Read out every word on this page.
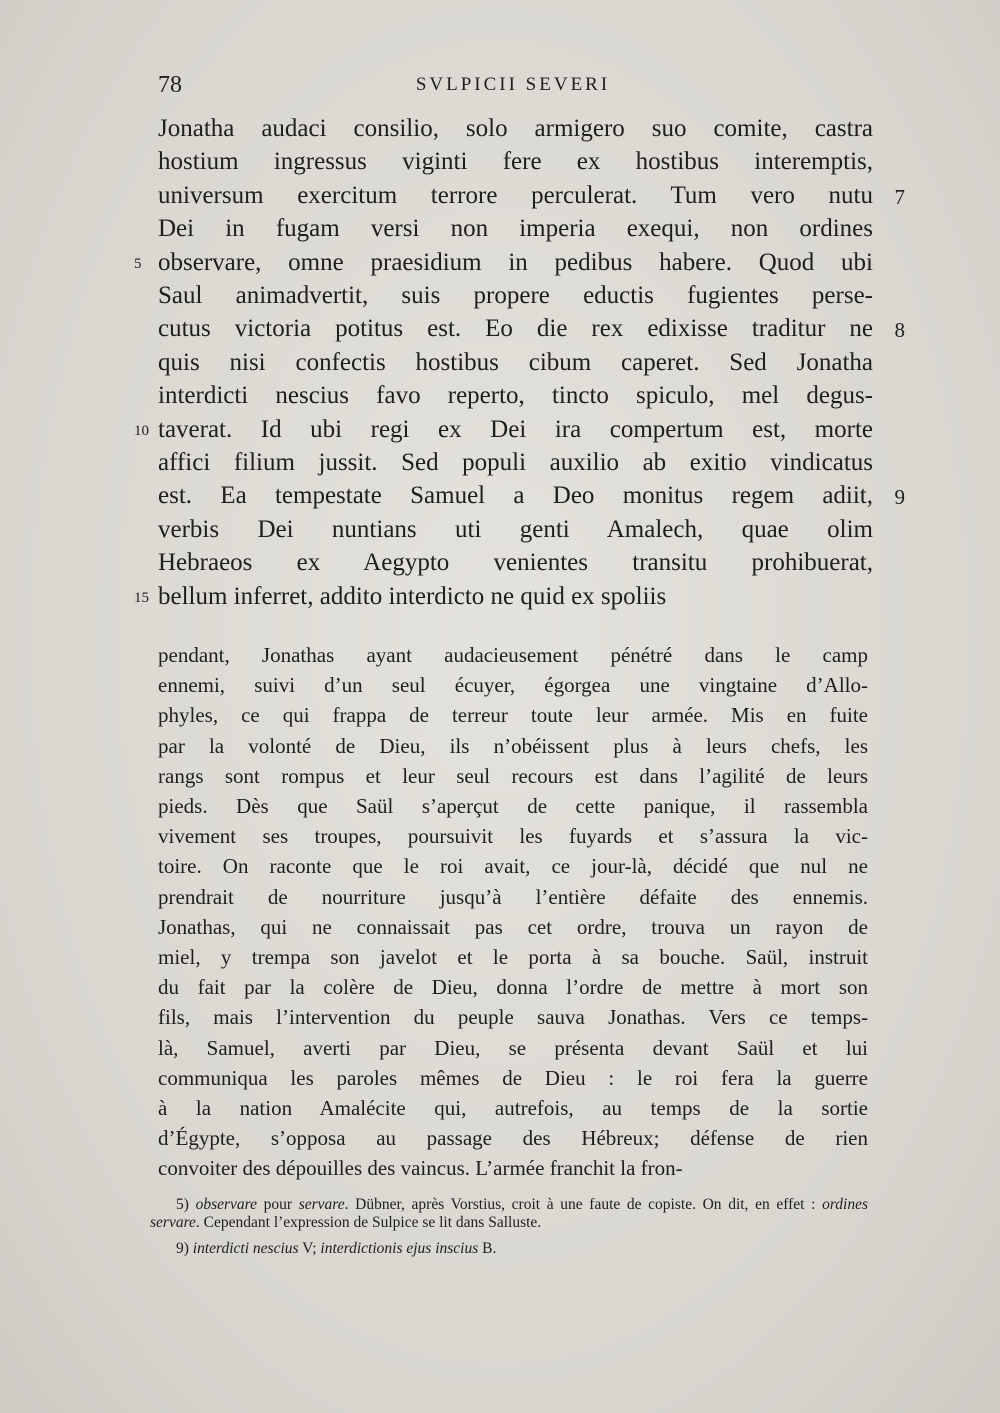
78	SVLPICII SEVERI
Jonatha audaci consilio, solo armigero suo comite, castra
hostium ingressus viginti fere ex hostibus interemptis,
universum exercitum terrore perculerat. Tum vero nutu 7
Dei in fugam versi non imperia exequi, non ordines
observare, omne praesidium in pedibus habere. Quod ubi
5
Saul animadvertit, suis propere eductis fugientes perse-
cutus victoria potitus est. Eo die rex edixisse traditur ne 8
quis nisi confectis hostibus cibum caperet. Sed Jonatha
interdicti nescius favo reperto, tincto spiculo, mel degus-
taverat. Id ubi regi ex Dei ira compertum est, morte
10
affici filium jussit. Sed populi auxilio ab exitio vindicatus
est. Ea tempestate Samuel a Deo monitus regem adiit, 9
verbis Dei nuntians uti genti Amalech, quae olim
Hebraeos ex Aegypto venientes transitu prohibuerat,
bellum inferret, addito interdicto ne quid ex spoliis
15
pendant, Jonathas ayant audacieusement pénétré dans le camp
ennemi, suivi d’un seul écuyer, égorgea une vingtaine d’Allo-
phyles, ce qui frappa de terreur toute leur armée. Mis en fuite
par la volonté de Dieu, ils n’obéissent plus à leurs chefs, les
rangs sont rompus et leur seul recours est dans l’agilité de leurs
pieds. Dès que Saül s’aperçut de cette panique, il rassembla
vivement ses troupes, poursuivit les fuyards et s’assura la vic-
toire. On raconte que le roi avait, ce jour-là, décidé que nul ne
prendrait de nourriture jusqu’à l’entière défaite des ennemis.
Jonathas, qui ne connaissait pas cet ordre, trouva un rayon de
miel, y trempa son javelot et le porta à sa bouche. Saül, instruit
du fait par la colère de Dieu, donna l’ordre de mettre à mort son
fils, mais l’intervention du peuple sauva Jonathas. Vers ce temps-
là, Samuel, averti par Dieu, se présenta devant Saül et lui
communiqua les paroles mêmes de Dieu : le roi fera la guerre
à la nation Amalécite qui, autrefois, au temps de la sortie
d’Égypte, s’opposa au passage des Hébreux; défense de rien
convoiter des dépouilles des vaincus. L’armée franchit la fron-
5) observare pour servare. Dübner, après Vorstius, croit à une faute de copiste. On dit, en effet : ordines servare. Cependant l’expression de Sulpice se lit dans Salluste.
9) interdicti nescius V; interdictionis ejus inscius B.
